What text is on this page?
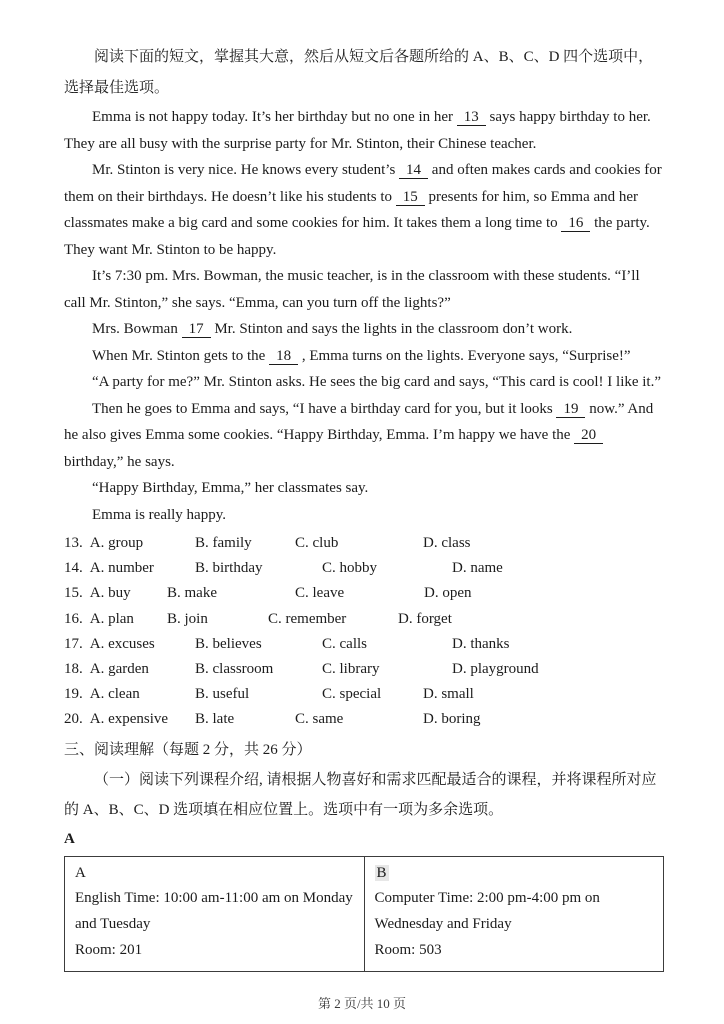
阅读下面的短文，掌握其大意，然后从短文后各题所给的 A、B、C、D 四个选项中，选择最佳选项。

Emma is not happy today. It’s her birthday but no one in her 13 says happy birthday to her. They are all busy with the surprise party for Mr. Stinton, their Chinese teacher.

Mr. Stinton is very nice. He knows every student’s 14 and often makes cards and cookies for them on their birthdays. He doesn’t like his students to 15 presents for him, so Emma and her classmates make a big card and some cookies for him. It takes them a long time to 16 the party. They want Mr. Stinton to be happy.

It’s 7:30 pm. Mrs. Bowman, the music teacher, is in the classroom with these students. “I’ll call Mr. Stinton,” she says. “Emma, can you turn off the lights?”

Mrs. Bowman 17 Mr. Stinton and says the lights in the classroom don’t work.

When Mr. Stinton gets to the 18 , Emma turns on the lights. Everyone says, “Surprise!”

“A party for me?” Mr. Stinton asks. He sees the big card and says, “This card is cool! I like it.”

Then he goes to Emma and says, “I have a birthday card for you, but it looks 19 now.” And he also gives Emma some cookies. “Happy Birthday, Emma. I’m happy we have the 20 birthday,” he says.

“Happy Birthday, Emma,” her classmates say.

Emma is really happy.

13. A. group	B. family	C. club	D. class
14. A. number	B. birthday	C. hobby	D. name
15. A. buy	B. make	C. leave	D. open
16. A. plan	B. join	C. remember	D. forget
17. A. excuses	B. believes	C. calls	D. thanks
18. A. garden	B. classroom	C. library	D. playground
19. A. clean	B. useful	C. special	D. small
20. A. expensive	B. late	C. same	D. boring

三、阅读理解（每题 2 分，共 26 分）

（一）阅读下列课程介绍, 请根据人物喜好和需求匹配最适合的课程，并将课程所对应的 A、B、C、D 选项填在相应位置上。选项中有一项为多余选项。

A

A
English Time: 10:00 am-11:00 am on Monday
and Tuesday
Room: 201

B
Computer Time: 2:00 pm-4:00 pm on
Wednesday and Friday
Room: 503
第 2 页/共 10 页
